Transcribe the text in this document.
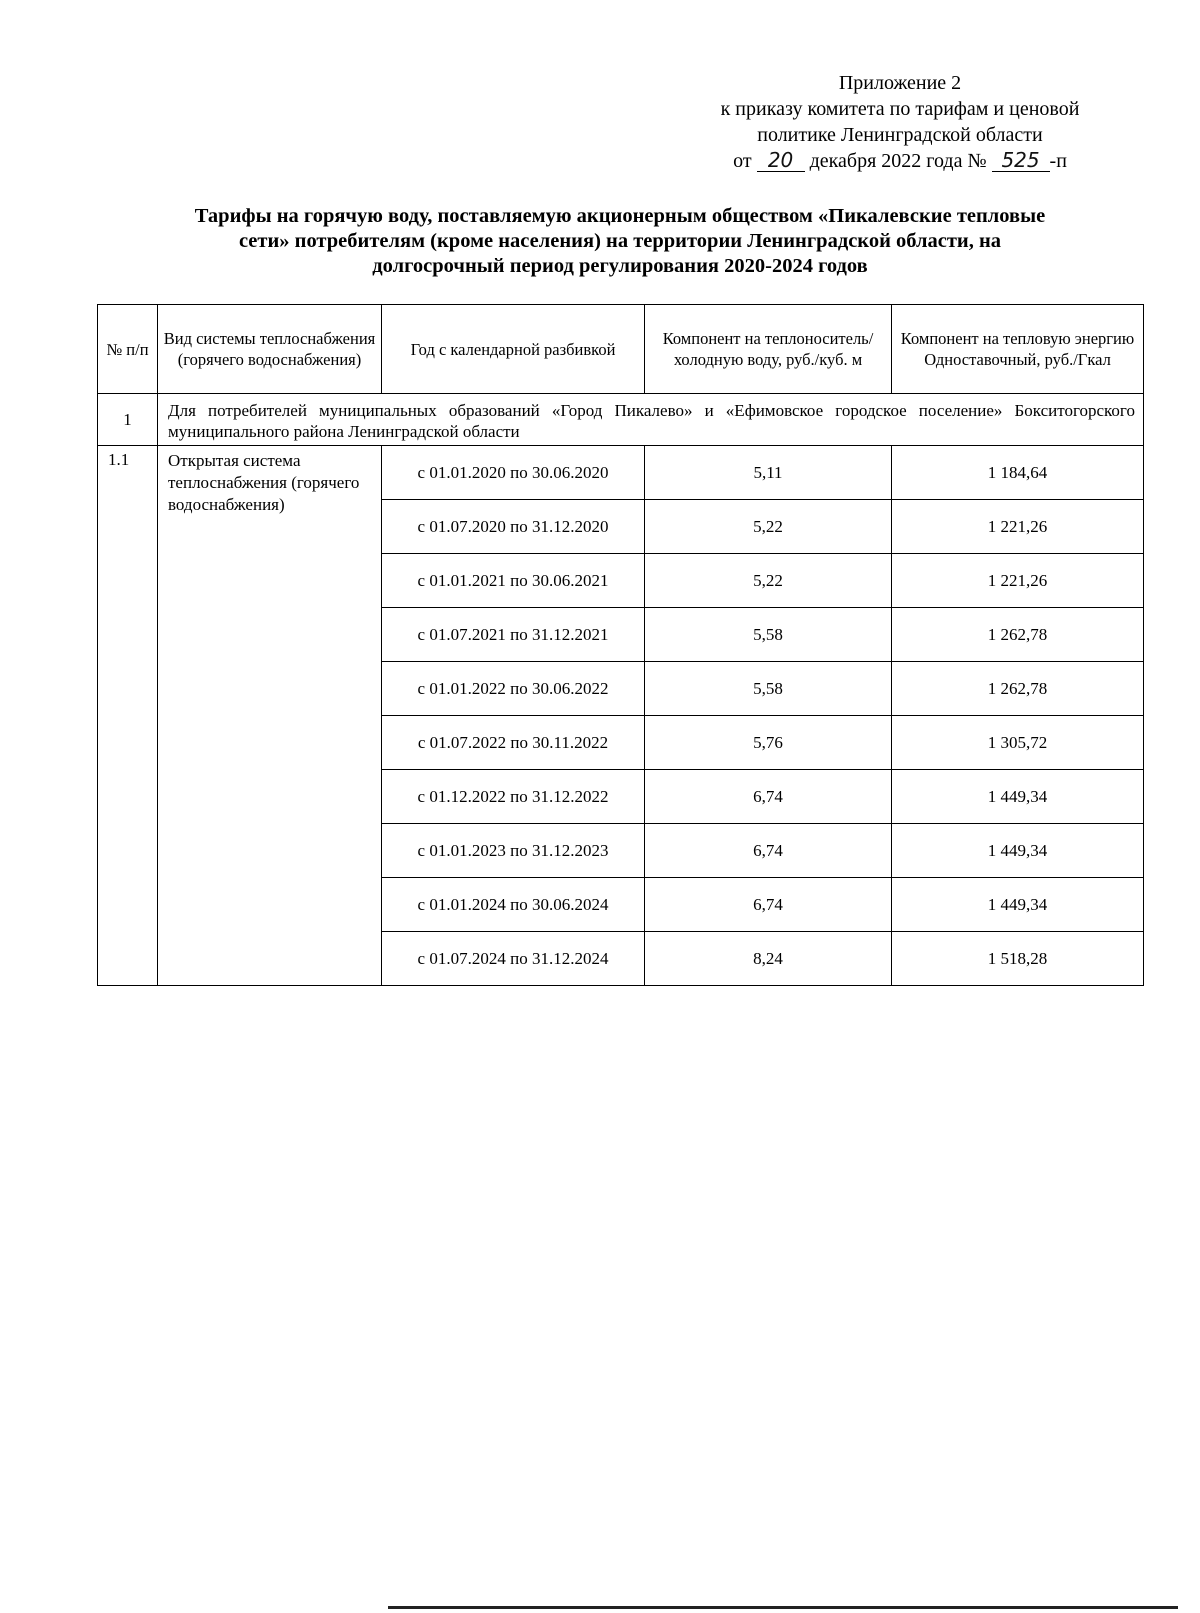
Приложение 2
к приказу комитета по тарифам и ценовой
политике Ленинградской области
от 20 декабря 2022 года № 525 -п
Тарифы на горячую воду, поставляемую акционерным обществом «Пикалевские тепловые
сети» потребителям (кроме населения) на территории Ленинградской области, на
долгосрочный период регулирования 2020-2024 годов
№ п/п	Вид системы теплоснабжения (горячего водоснабжения)	Год с календарной разбивкой	Компонент на теплоноситель/холодную воду, руб./куб. м	Компонент на тепловую энергию Одноставочный, руб./Гкал
1	Для потребителей муниципальных образований «Город Пикалево» и «Ефимовское городское поселение» Бокситогорского муниципального района Ленинградской области			
1.1	Открытая система теплоснабжения (горячего водоснабжения)	с 01.01.2020 по 30.06.2020	5,11	1 184,64
		с 01.07.2020 по 31.12.2020	5,22	1 221,26
		с 01.01.2021 по 30.06.2021	5,22	1 221,26
		с 01.07.2021 по 31.12.2021	5,58	1 262,78
		с 01.01.2022 по 30.06.2022	5,58	1 262,78
		с 01.07.2022 по 30.11.2022	5,76	1 305,72
		с 01.12.2022 по 31.12.2022	6,74	1 449,34
		с 01.01.2023 по 31.12.2023	6,74	1 449,34
		с 01.01.2024 по 30.06.2024	6,74	1 449,34
		с 01.07.2024 по 31.12.2024	8,24	1 518,28
